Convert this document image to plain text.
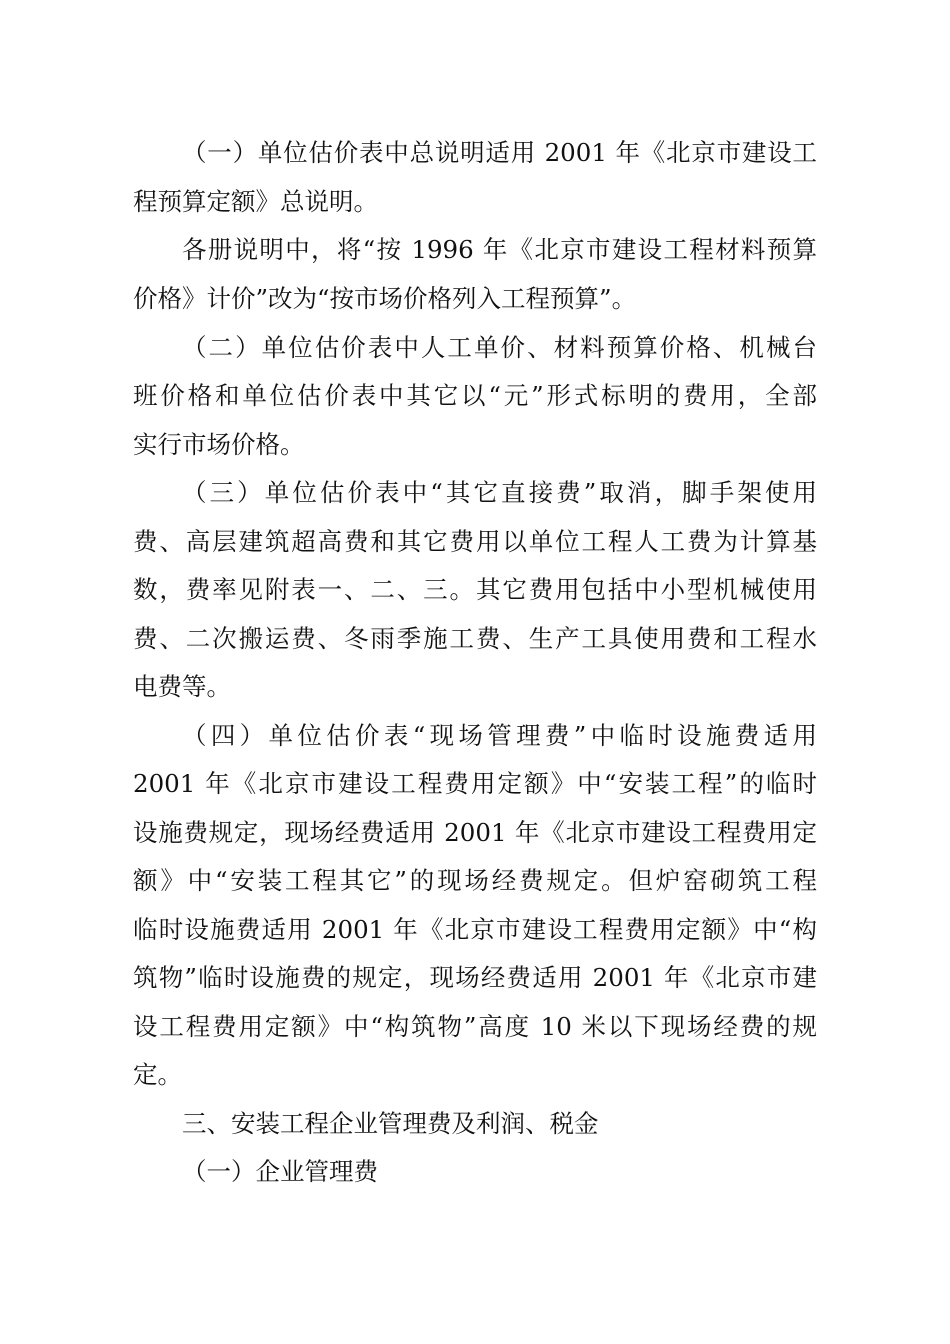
（一）单位估价表中总说明适用 2001 年《北京市建设工

程预算定额》总说明。

各册说明中，将“按 1996 年《北京市建设工程材料预算

价格》计价”改为“按市场价格列入工程预算”。

（二）单位估价表中人工单价、材料预算价格、机械台

班价格和单位估价表中其它以“元”形式标明的费用，全部

实行市场价格。

（三）单位估价表中“其它直接费”取消，脚手架使用

费、高层建筑超高费和其它费用以单位工程人工费为计算基

数，费率见附表一、二、三。其它费用包括中小型机械使用

费、二次搬运费、冬雨季施工费、生产工具使用费和工程水

电费等。

（四）单位估价表“现场管理费”中临时设施费适用

2001 年《北京市建设工程费用定额》中“安装工程”的临时

设施费规定，现场经费适用 2001 年《北京市建设工程费用定

额》中“安装工程其它”的现场经费规定。但炉窑砌筑工程

临时设施费适用 2001 年《北京市建设工程费用定额》中“构

筑物”临时设施费的规定，现场经费适用 2001 年《北京市建

设工程费用定额》中“构筑物”高度 10 米以下现场经费的规

定。

三、安装工程企业管理费及利润、税金

（一）企业管理费
